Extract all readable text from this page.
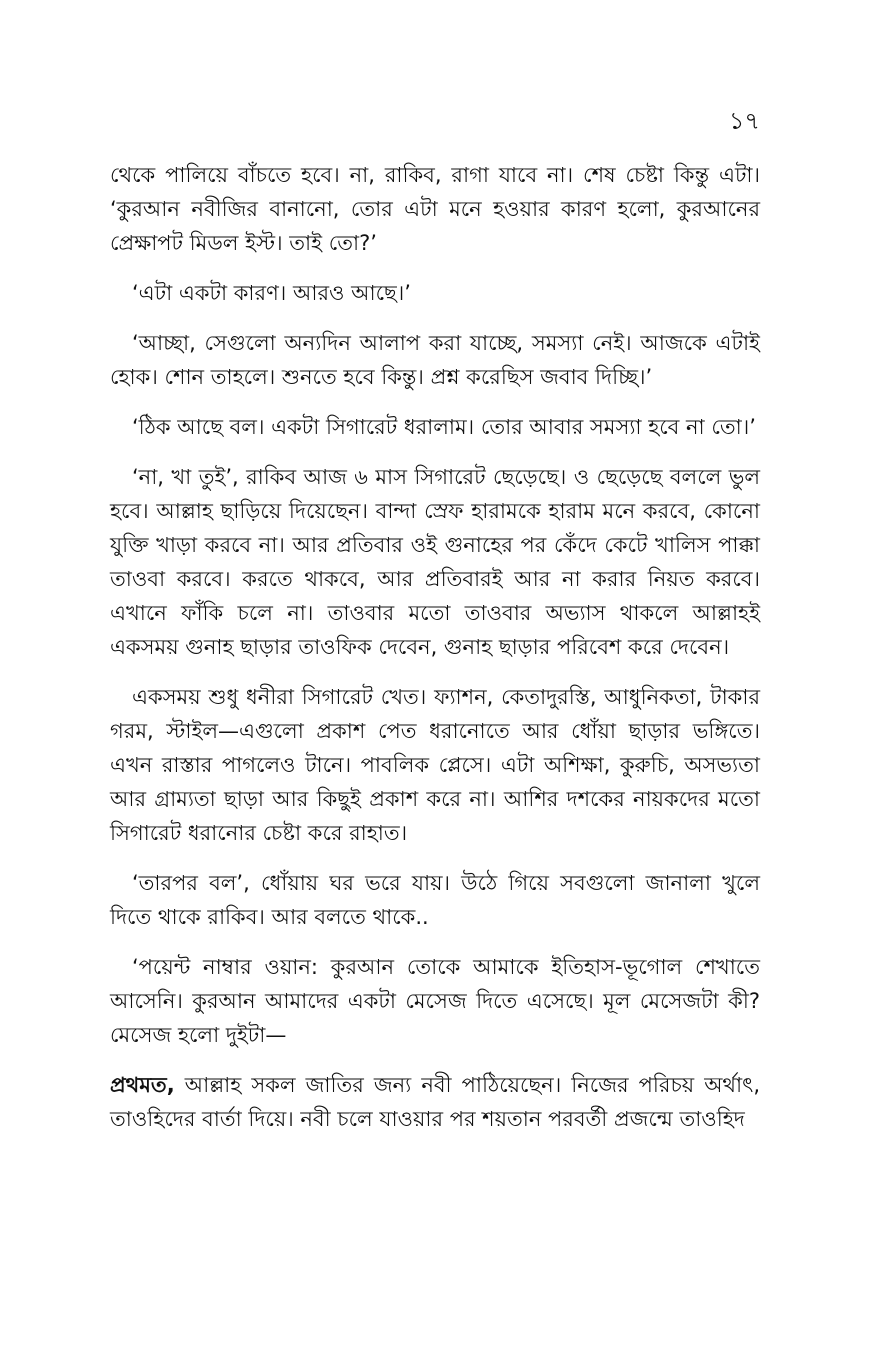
১৭

থেকে পালিয়ে বাঁচতে হবে। না, রাকিব, রাগা যাবে না। শেষ চেষ্টা কিন্তু এটা। ‘কুরআন নবীজির বানানো, তোর এটা মনে হওয়ার কারণ হলো, কুরআনের প্রেক্ষাপট মিডল ইস্ট। তাই তো?’

‘এটা একটা কারণ। আরও আছে।’

‘আচ্ছা, সেগুলো অন্যদিন আলাপ করা যাচ্ছে, সমস্যা নেই। আজকে এটাই হোক। শোন তাহলে। শুনতে হবে কিন্তু। প্রশ্ন করেছিস জবাব দিচ্ছি।’

‘ঠিক আছে বল। একটা সিগারেট ধরালাম। তোর আবার সমস্যা হবে না তো।’

‘না, খা তুই’, রাকিব আজ ৬ মাস সিগারেট ছেড়েছে। ও ছেড়েছে বললে ভুল হবে। আল্লাহ ছাড়িয়ে দিয়েছেন। বান্দা স্রেফ হারামকে হারাম মনে করবে, কোনো যুক্তি খাড়া করবে না। আর প্রতিবার ওই গুনাহের পর কেঁদে কেটে খালিস পাক্কা তাওবা করবে। করতে থাকবে, আর প্রতিবারই আর না করার নিয়ত করবে। এখানে ফাঁকি চলে না। তাওবার মতো তাওবার অভ্যাস থাকলে আল্লাহই একসময় গুনাহ ছাড়ার তাওফিক দেবেন, গুনাহ ছাড়ার পরিবেশ করে দেবেন।

একসময় শুধু ধনীরা সিগারেট খেত। ফ্যাশন, কেতাদুরস্তি, আধুনিকতা, টাকার গরম, স্টাইল—এগুলো প্রকাশ পেত ধরানোতে আর ধোঁয়া ছাড়ার ভঙ্গিতে। এখন রাস্তার পাগলেও টানে। পাবলিক প্লেসে। এটা অশিক্ষা, কুরুচি, অসভ্যতা আর গ্রাম্যতা ছাড়া আর কিছুই প্রকাশ করে না। আশির দশকের নায়কদের মতো সিগারেট ধরানোর চেষ্টা করে রাহাত।

‘তারপর বল’, ধোঁয়ায় ঘর ভরে যায়। উঠে গিয়ে সবগুলো জানালা খুলে দিতে থাকে রাকিব। আর বলতে থাকে..

‘পয়েন্ট নাম্বার ওয়ান: কুরআন তোকে আমাকে ইতিহাস-ভূগোল শেখাতে আসেনি। কুরআন আমাদের একটা মেসেজ দিতে এসেছে। মূল মেসেজটা কী? মেসেজ হলো দুইটা—

প্রথমত, আল্লাহ সকল জাতির জন্য নবী পাঠিয়েছেন। নিজের পরিচয় অর্থাৎ, তাওহিদের বার্তা দিয়ে। নবী চলে যাওয়ার পর শয়তান পরবর্তী প্রজন্মে তাওহিদ
